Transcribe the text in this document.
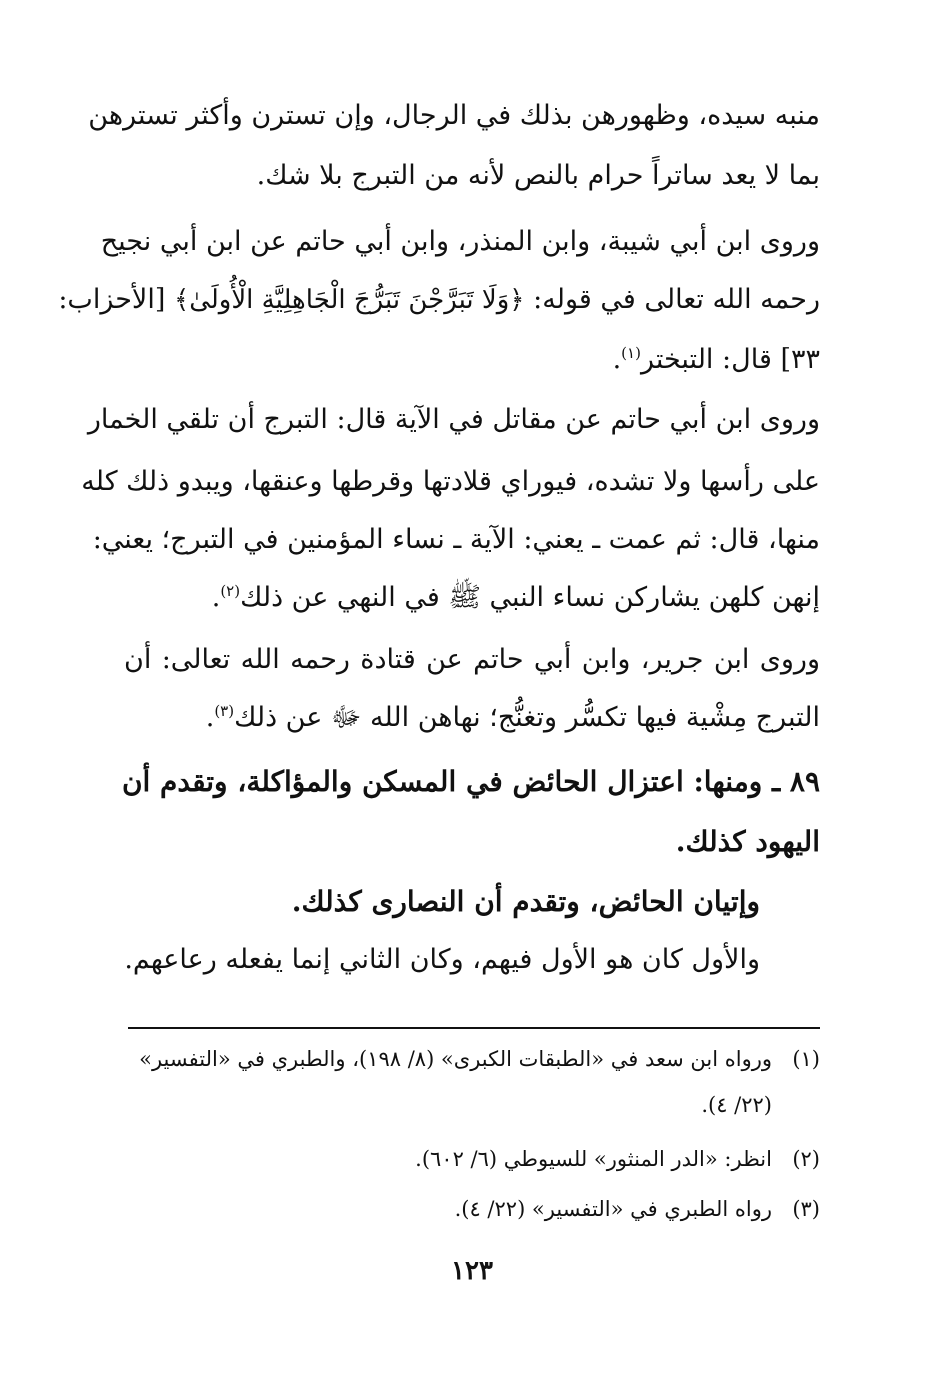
منبه سيده، وظهورهن بذلك في الرجال، وإن تسترن وأكثر تسترهن
بما لا يعد ساتراً حرام بالنص لأنه من التبرج بلا شك.
وروى ابن أبي شيبة، وابن المنذر، وابن أبي حاتم عن ابن أبي نجيح
رحمه الله تعالى في قوله: ﴿وَلَا تَبَرَّجْنَ تَبَرُّجَ الْجَاهِلِيَّةِ الْأُولَىٰ﴾ [الأحزاب:
٣٣] قال: التبختر$^{(١)}$.
وروى ابن أبي حاتم عن مقاتل في الآية قال: التبرج أن تلقي الخمار
على رأسها ولا تشده، فيوراي قلادتها وقرطها وعنقها، ويبدو ذلك كله
منها، قال: ثم عمت ـ يعني: الآية ـ نساء المؤمنين في التبرج؛ يعني:
إنهن كلهن يشاركن نساء النبي ﷺ في النهي عن ذلك$^{(٢)}$.
وروى ابن جرير، وابن أبي حاتم عن قتادة رحمه الله تعالى: أن
التبرج مِشْية فيها تكسُّر وتغنُّج؛ نهاهن الله ﷻ عن ذلك$^{(٣)}$.
٨٩ ـ ومنها: اعتزال الحائض في المسكن والمؤاكلة، وتقدم أن
اليهود كذلك.
وإتيان الحائض، وتقدم أن النصارى كذلك.
والأول كان هو الأول فيهم، وكان الثاني إنما يفعله رعاعهم.
(١)ورواه ابن سعد في «الطبقات الكبرى» (٨/ ١٩٨)، والطبري في «التفسير»
(٢٢/ ٤).
(٢)انظر: «الدر المنثور» للسيوطي (٦/ ٦٠٢).
(٣)رواه الطبري في «التفسير» (٢٢/ ٤).
١٢٣
